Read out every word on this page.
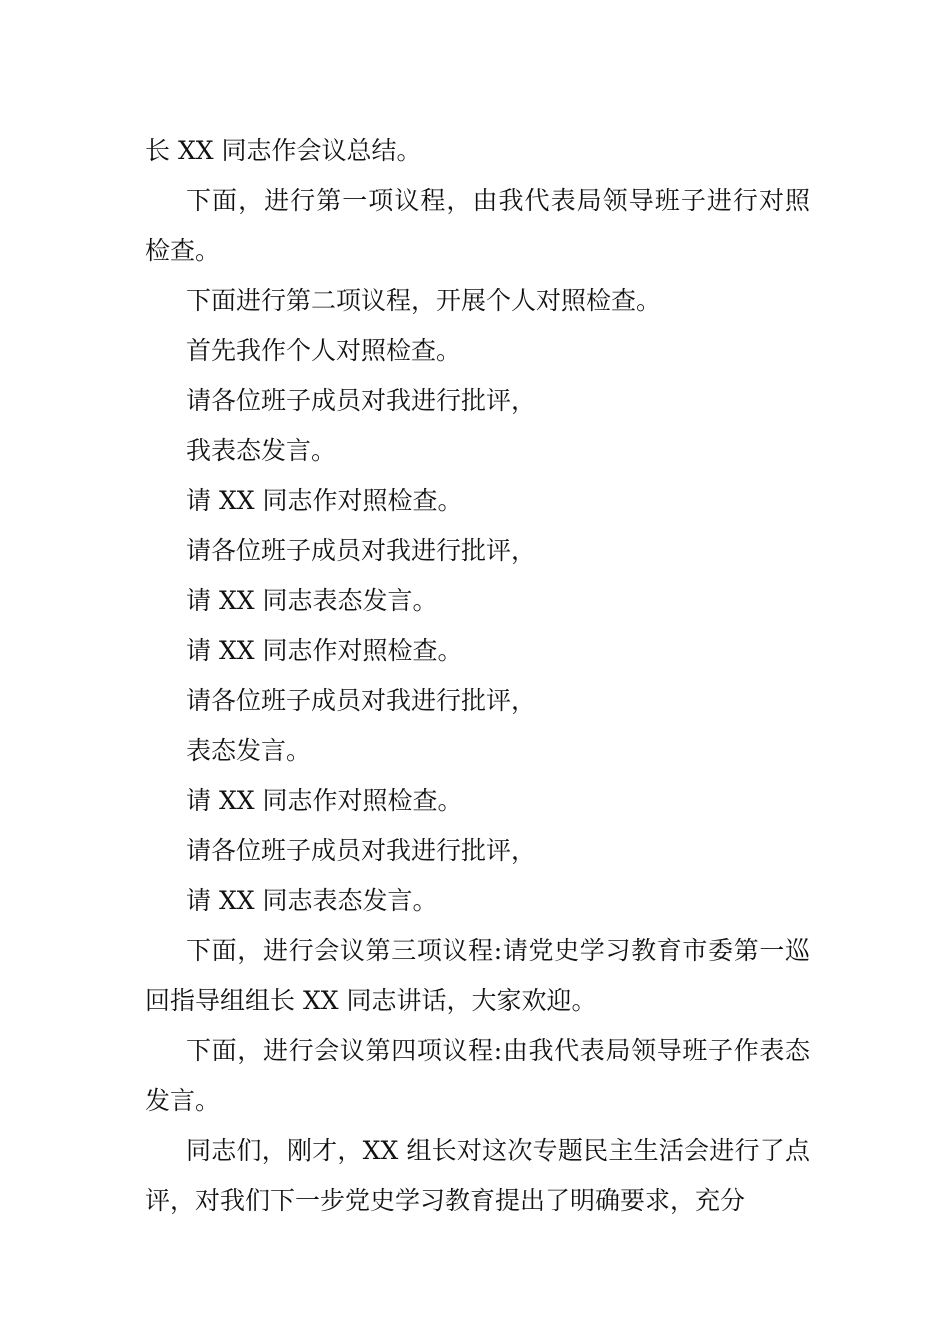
长 XX 同志作会议总结。

下面，进行第一项议程，由我代表局领导班子进行对照检查。

下面进行第二项议程，开展个人对照检查。

首先我作个人对照检查。

请各位班子成员对我进行批评，

我表态发言。

请 XX 同志作对照检查。

请各位班子成员对我进行批评，

请 XX 同志表态发言。

请 XX 同志作对照检查。

请各位班子成员对我进行批评，

表态发言。

请 XX 同志作对照检查。

请各位班子成员对我进行批评，

请 XX 同志表态发言。

下面，进行会议第三项议程:请党史学习教育市委第一巡回指导组组长 XX 同志讲话，大家欢迎。

下面，进行会议第四项议程:由我代表局领导班子作表态发言。

同志们，刚才，XX 组长对这次专题民主生活会进行了点评，对我们下一步党史学习教育提出了明确要求，充分
